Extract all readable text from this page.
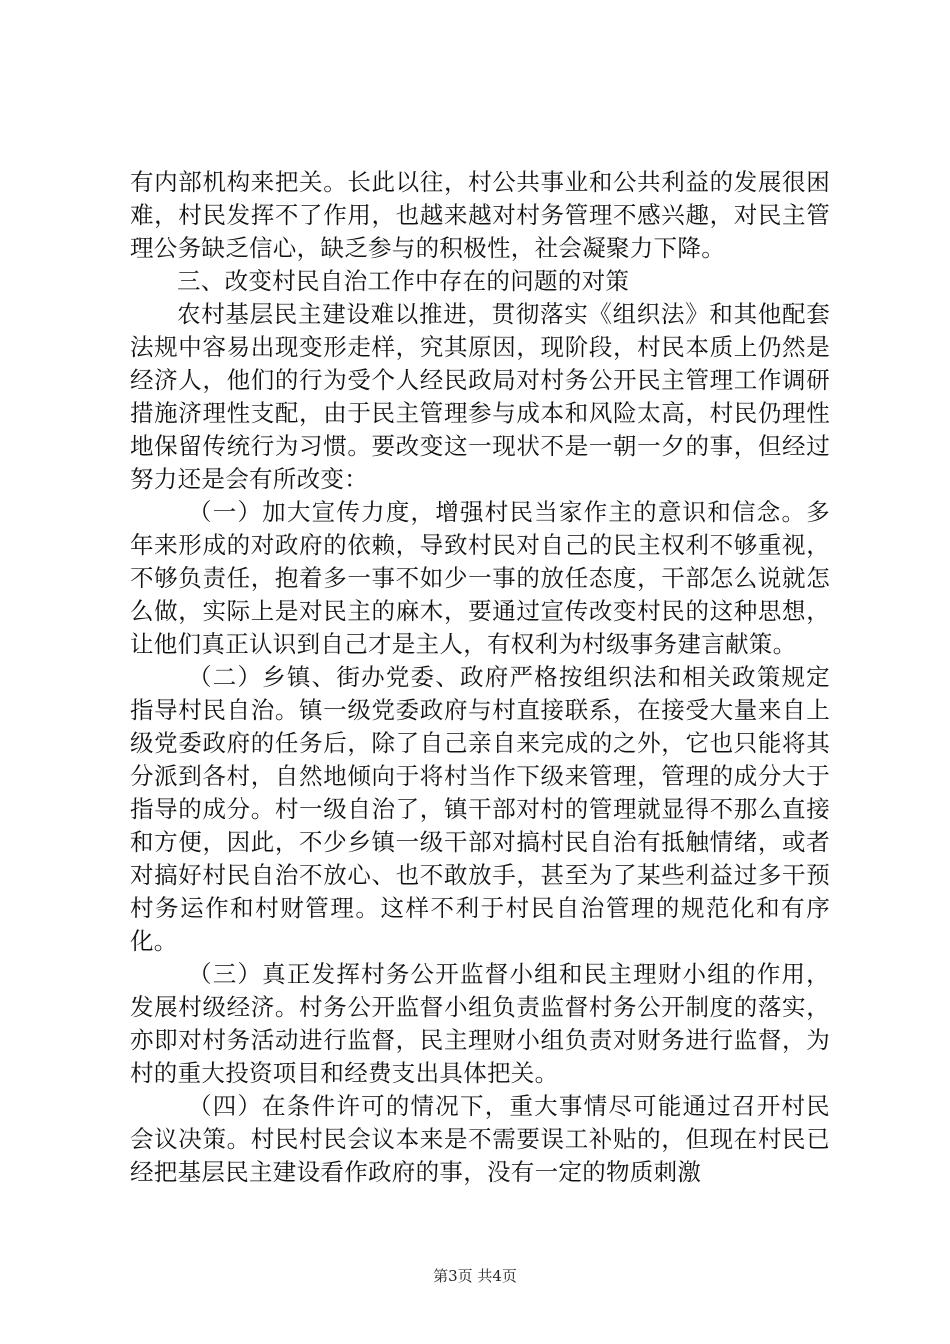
有内部机构来把关。长此以往，村公共事业和公共利益的发展很困难，村民发挥不了作用，也越来越对村务管理不感兴趣，对民主管理公务缺乏信心，缺乏参与的积极性，社会凝聚力下降。

三、改变村民自治工作中存在的问题的对策

农村基层民主建设难以推进，贯彻落实《组织法》和其他配套法规中容易出现变形走样，究其原因，现阶段，村民本质上仍然是经济人，他们的行为受个人经民政局对村务公开民主管理工作调研措施济理性支配，由于民主管理参与成本和风险太高，村民仍理性地保留传统行为习惯。要改变这一现状不是一朝一夕的事，但经过努力还是会有所改变：

（一）加大宣传力度，增强村民当家作主的意识和信念。多年来形成的对政府的依赖，导致村民对自己的民主权利不够重视，不够负责任，抱着多一事不如少一事的放任态度，干部怎么说就怎么做，实际上是对民主的麻木，要通过宣传改变村民的这种思想，让他们真正认识到自己才是主人，有权利为村级事务建言献策。

（二）乡镇、街办党委、政府严格按组织法和相关政策规定指导村民自治。镇一级党委政府与村直接联系，在接受大量来自上级党委政府的任务后，除了自己亲自来完成的之外，它也只能将其分派到各村，自然地倾向于将村当作下级来管理，管理的成分大于指导的成分。村一级自治了，镇干部对村的管理就显得不那么直接和方便，因此，不少乡镇一级干部对搞村民自治有抵触情绪，或者对搞好村民自治不放心、也不敢放手，甚至为了某些利益过多干预村务运作和村财管理。这样不利于村民自治管理的规范化和有序化。

（三）真正发挥村务公开监督小组和民主理财小组的作用，发展村级经济。村务公开监督小组负责监督村务公开制度的落实，亦即对村务活动进行监督，民主理财小组负责对财务进行监督，为村的重大投资项目和经费支出具体把关。

（四）在条件许可的情况下，重大事情尽可能通过召开村民会议决策。村民村民会议本来是不需要误工补贴的，但现在村民已经把基层民主建设看作政府的事，没有一定的物质刺激

第3页 共4页
